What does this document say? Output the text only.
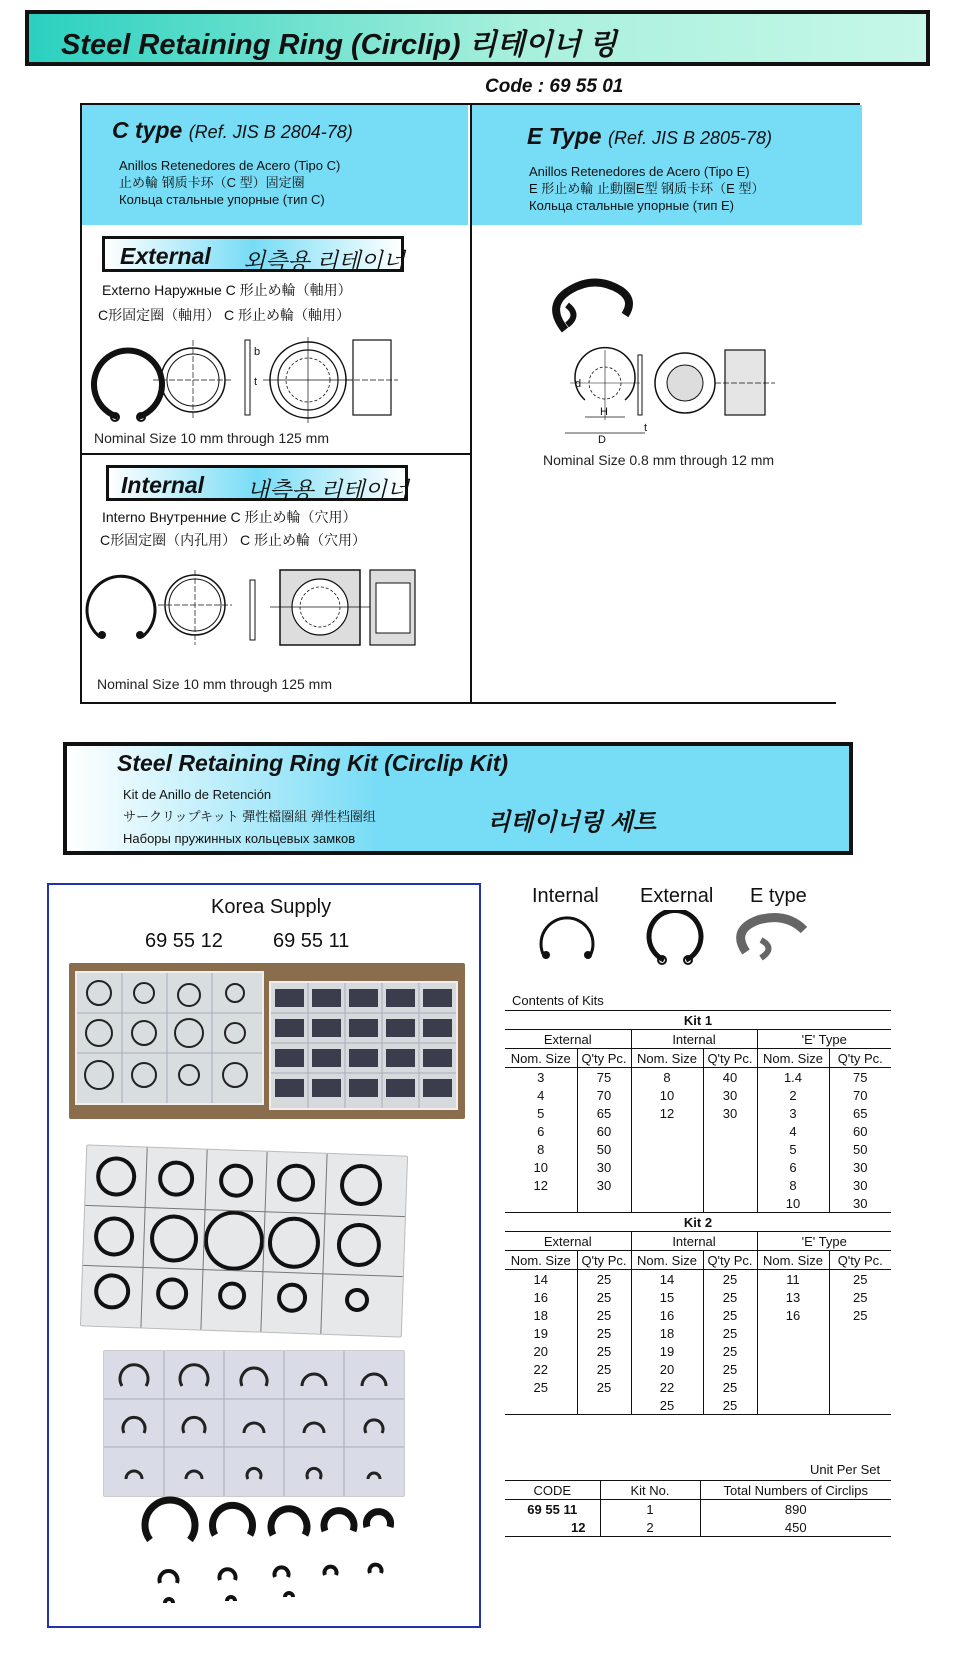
Steel Retaining Ring (Circlip) 리테이너 링
Code : 69 55 01
C type (Ref. JIS B 2804-78)
Anillos Retenedores de Acero (Tipo C)
止め輪 钢质卡环（C 型）固定圈
Кольца стальные упорные (тип С)
E Type (Ref. JIS B 2805-78)
Anillos Retenedores de Acero (Tipo E)
E 形止め輪 止動圈E型 钢质卡环（E 型）
Кольца стальные упорные (тип Е)
External 외측용 리테이너
Externo Наружные C 形止め輪（軸用）
C形固定圈（軸用） C 形止め輪（軸用）
b
t
Nominal Size 10 mm through 125 mm
Internal 내측용 리테이너
Interno Внутренние C 形止め輪（穴用）
C形固定圈（内孔用） C 形止め輪（穴用）
Nominal Size 10 mm through 125 mm
d
H
D
t
Nominal Size 0.8 mm through 12 mm
Steel Retaining Ring Kit (Circlip Kit)
Kit de Anillo de Retención
サークリップキット 彈性檔圈組 弹性档圈组
Наборы пружинных кольцевых замков
리테이너링 세트
Korea Supply
69 55 12	69 55 11
Internal External E type
Contents of Kits
Kit 1					
External		Internal		'E' Type	
Nom. Size	Q'ty Pc.	Nom. Size	Q'ty Pc.	Nom. Size	Q'ty Pc.
3	75	8	40	1.4	75
4	70	10	30	2	70
5	65	12	30	3	65
6	60			4	60
8	50			5	50
10	30			6	30
12	30			8	30
				10	30
Kit 2					
External		Internal		'E' Type	
Nom. Size	Q'ty Pc.	Nom. Size	Q'ty Pc.	Nom. Size	Q'ty Pc.
14	25	14	25	11	25
16	25	15	25	13	25
18	25	16	25	16	25
19	25	18	25		
20	25	19	25		
22	25	20	25		
25	25	22	25		
		25	25		

Unit Per Set
CODE	Kit No.	Total Numbers of Circlips
69 55 11	1	890
12	2	450
